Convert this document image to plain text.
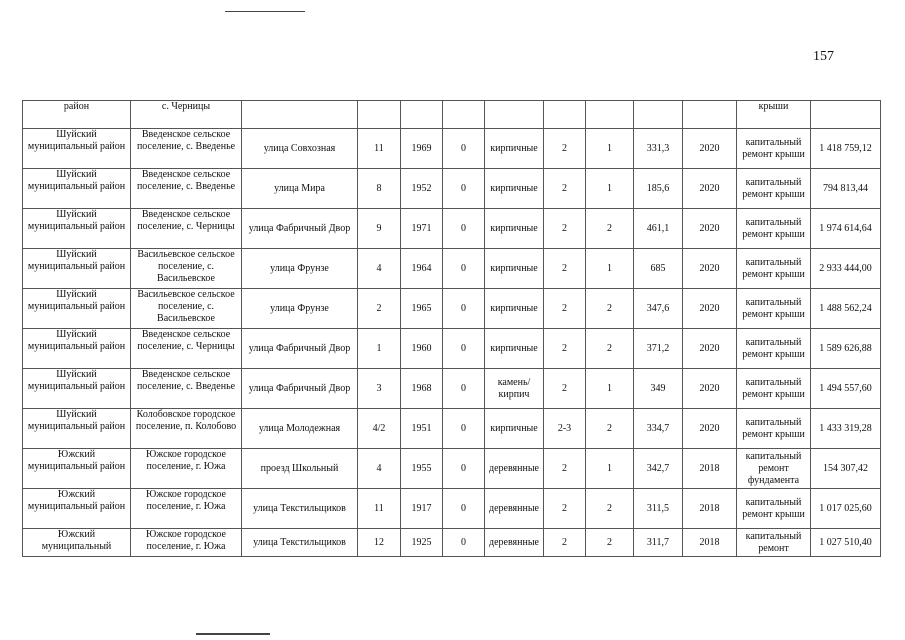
157
район	с. Черницы										крыши	
Шуйский муниципальный район	Введенское сельское поселение, с. Введенье	улица Совхозная	11	1969	0	кирпичные	2	1	331,3	2020	капитальный ремонт крыши	1 418 759,12
Шуйский муниципальный район	Введенское сельское поселение, с. Введенье	улица Мира	8	1952	0	кирпичные	2	1	185,6	2020	капитальный ремонт крыши	794 813,44
Шуйский муниципальный район	Введенское сельское поселение, с. Черницы	улица Фабричный Двор	9	1971	0	кирпичные	2	2	461,1	2020	капитальный ремонт крыши	1 974 614,64
Шуйский муниципальный район	Васильевское сельское поселение, с. Васильевское	улица Фрунзе	4	1964	0	кирпичные	2	1	685	2020	капитальный ремонт крыши	2 933 444,00
Шуйский муниципальный район	Васильевское сельское поселение, с. Васильевское	улица Фрунзе	2	1965	0	кирпичные	2	2	347,6	2020	капитальный ремонт крыши	1 488 562,24
Шуйский муниципальный район	Введенское сельское поселение, с. Черницы	улица Фабричный Двор	1	1960	0	кирпичные	2	2	371,2	2020	капитальный ремонт крыши	1 589 626,88
Шуйский муниципальный район	Введенское сельское поселение, с. Введенье	улица Фабричный Двор	3	1968	0	камень/кирпич	2	1	349	2020	капитальный ремонт крыши	1 494 557,60
Шуйский муниципальный район	Колобовское городское поселение, п. Колобово	улица Молодежная	4/2	1951	0	кирпичные	2-3	2	334,7	2020	капитальный ремонт крыши	1 433 319,28
Южский муниципальный район	Южское городское поселение, г. Южа	проезд Школьный	4	1955	0	деревянные	2	1	342,7	2018	капитальный ремонт фундамента	154 307,42
Южский муниципальный район	Южское городское поселение, г. Южа	улица Текстильщиков	11	1917	0	деревянные	2	2	311,5	2018	капитальный ремонт крыши	1 017 025,60
Южский муниципальный	Южское городское поселение, г. Южа	улица Текстильщиков	12	1925	0	деревянные	2	2	311,7	2018	капитальный ремонт	1 027 510,40
